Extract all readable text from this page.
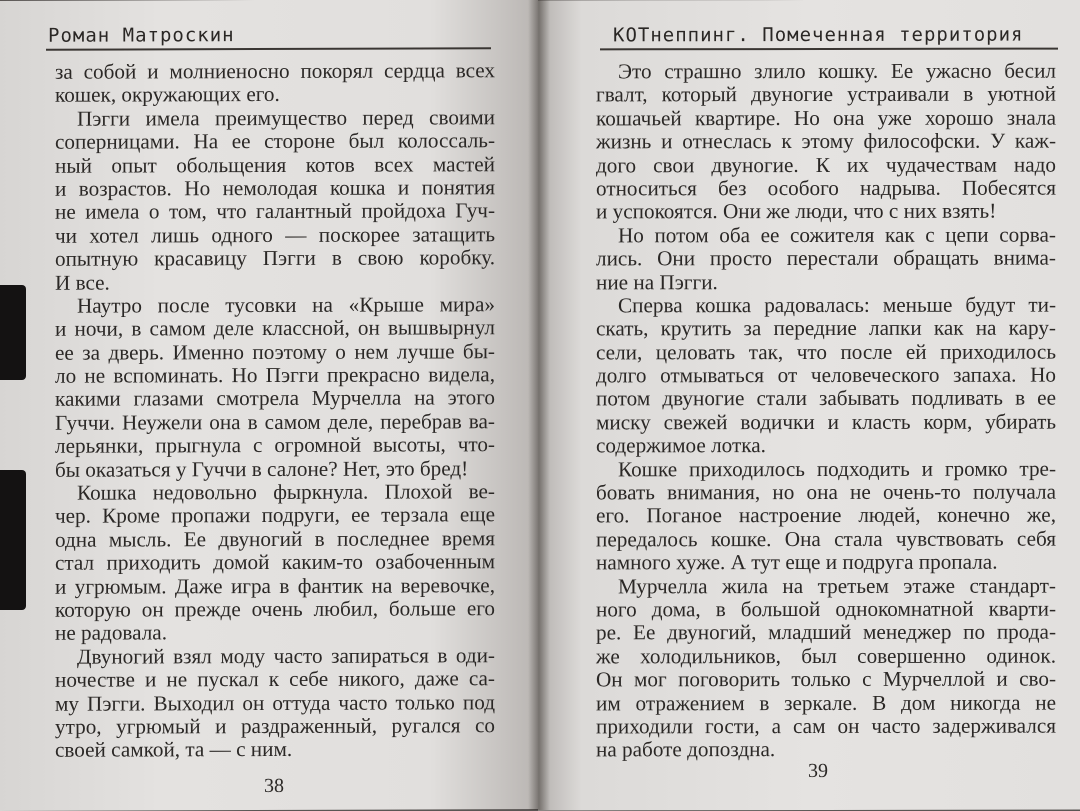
Роман Матроскин
за собой и молниеносно покорял сердца всех
кошек, окружающих его.
Пэгги имела преимущество перед своими
соперницами. На ее стороне был колоссаль-
ный опыт обольщения котов всех мастей
и возрастов. Но немолодая кошка и понятия
не имела о том, что галантный пройдоха Гуч-
чи хотел лишь одного — поскорее затащить
опытную красавицу Пэгги в свою коробку.
И все.
Наутро после тусовки на «Крыше мира»
и ночи, в самом деле классной, он вышвырнул
ее за дверь. Именно поэтому о нем лучше бы-
ло не вспоминать. Но Пэгги прекрасно видела,
какими глазами смотрела Мурчелла на этого
Гуччи. Неужели она в самом деле, перебрав ва-
лерьянки, прыгнула с огромной высоты, что-
бы оказаться у Гуччи в салоне? Нет, это бред!
Кошка недовольно фыркнула. Плохой ве-
чер. Кроме пропажи подруги, ее терзала еще
одна мысль. Ее двуногий в последнее время
стал приходить домой каким-то озабоченным
и угрюмым. Даже игра в фантик на веревочке,
которую он прежде очень любил, больше его
не радовала.
Двуногий взял моду часто запираться в оди-
ночестве и не пускал к себе никого, даже са-
му Пэгги. Выходил он оттуда часто только под
утро, угрюмый и раздраженный, ругался со
своей самкой, та — с ним.
38
КОТнеппинг. Помеченная территория
Это страшно злило кошку. Ее ужасно бесил
гвалт, который двуногие устраивали в уютной
кошачьей квартире. Но она уже хорошо знала
жизнь и отнеслась к этому философски. У каж-
дого свои двуногие. К их чудачествам надо
относиться без особого надрыва. Побесятся
и успокоятся. Они же люди, что с них взять!
Но потом оба ее сожителя как с цепи сорва-
лись. Они просто перестали обращать внима-
ние на Пэгги.
Сперва кошка радовалась: меньше будут ти-
скать, крутить за передние лапки как на кару-
сели, целовать так, что после ей приходилось
долго отмываться от человеческого запаха. Но
потом двуногие стали забывать подливать в ее
миску свежей водички и класть корм, убирать
содержимое лотка.
Кошке приходилось подходить и громко тре-
бовать внимания, но она не очень-то получала
его. Поганое настроение людей, конечно же,
передалось кошке. Она стала чувствовать себя
намного хуже. А тут еще и подруга пропала.
Мурчелла жила на третьем этаже стандарт-
ного дома, в большой однокомнатной кварти-
ре. Ее двуногий, младший менеджер по прода-
же холодильников, был совершенно одинок.
Он мог поговорить только с Мурчеллой и сво-
им отражением в зеркале. В дом никогда не
приходили гости, а сам он часто задерживался
на работе допоздна.
39
